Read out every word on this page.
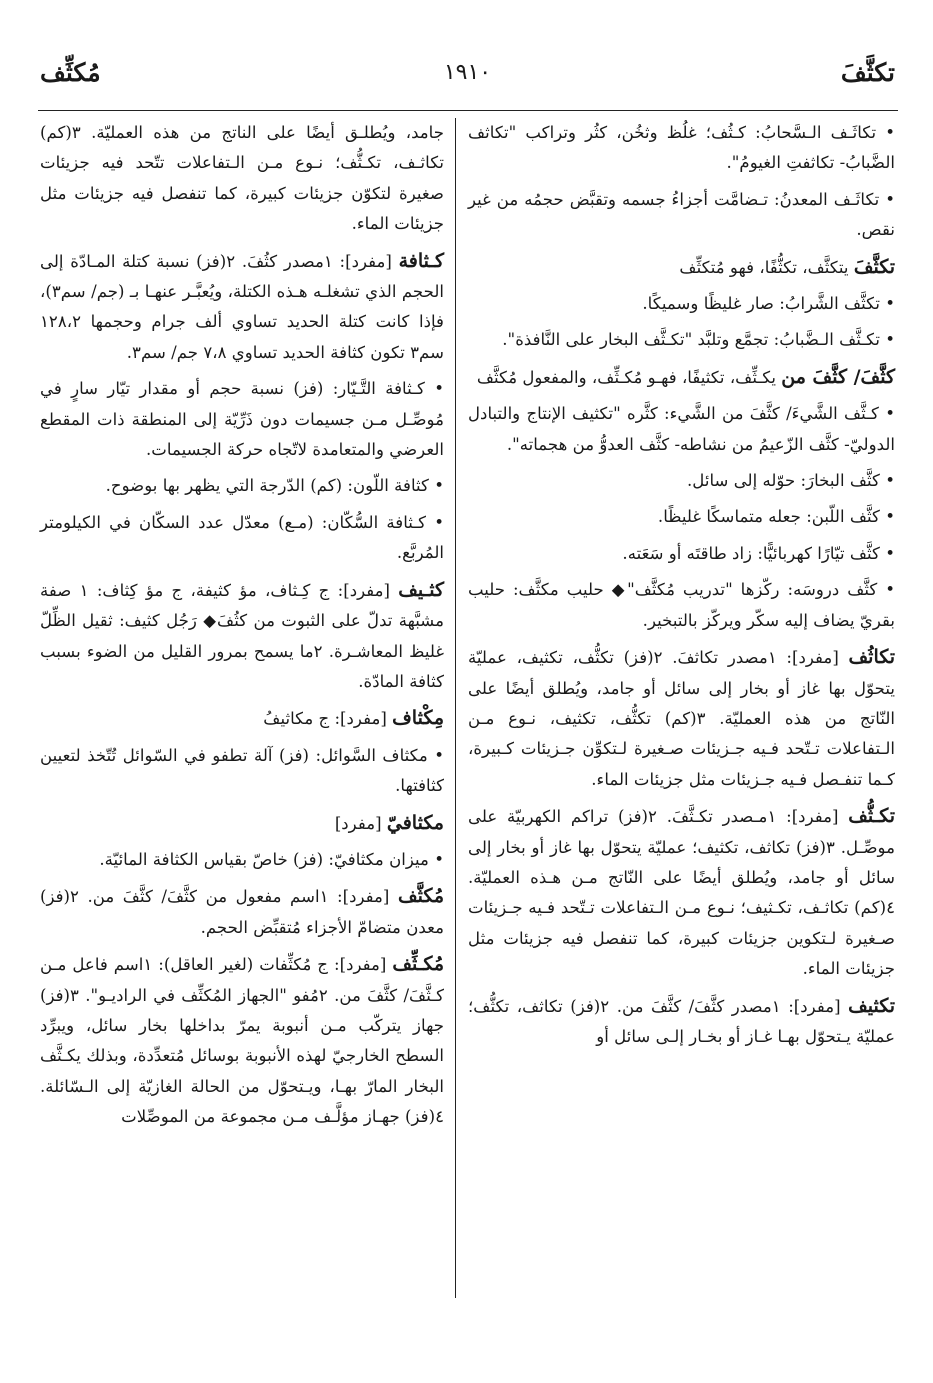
تكثَّفَ
١٩١٠
مُكثِّف

• تكاثَـف الـسَّحابُ: كـثُف؛ غلُظ وثخُن، كثُر وتراكب "تكاثف الضَّبابُ- تكاثفتِ الغيومُ".

• تكاثَـف المعدنُ: تـضامَّت أجزاءُ جسمه وتقبَّض حجمُه من غير نقص.

تكثَّفَ يتكثَّف، تكثُّفًا، فهو مُتكثِّف

• تكثَّف الشَّرابُ: صار غليظًا وسميكًا.

• تكـثَّف الـضَّبابُ: تجمَّع وتلبَّد "تكـثَّف البخار على النَّافذة".

كثَّفَ/ كثَّفَ من يكـثِّف، تكثيفًا، فهـو مُكـثِّف، والمفعول مُكثَّف

• كـثَّف الشَّيءَ/ كثَّفَ من الشَّيء: كثَّره "تكثيف الإنتاج والتبادل الدوليّ- كثَّف الزّعيمُ من نشاطه- كثَّف العدوُّ من هجماته".

• كثَّف البخارَ: حوّله إلى سائل.

• كثَّف اللّبن: جعله متماسكًا غليظًا.

• كثَّف تيّارًا كهربائيًّا: زاد طاقتَه أو سَعَته.

• كثَّف دروسَه: ركّزها "تدريب مُكثَّف"◆ حليب مكثَّف: حليب بقريّ يضاف إليه سكّر ويركّز بالتبخير.

تكاثُف [مفرد]: ١مصدر تكاثفَ. ٢(فز) تكثُّف، تكثيف، عمليّة يتحوّل بها غاز أو بخار إلى سائل أو جامد، ويُطلق أيضًا على النّاتج من هذه العمليّة. ٣(كم) تكثُّف، تكثيف، نـوع مـن الـتفاعلات تـتّحد فـيه جـزيئات صـغيرة لـتكوِّن جـزيئات كـبيرة، كـما تنفـصل فـيه جـزيئات مثل جزيئات الماء.

تكـثُّف [مفرد]: ١مـصدر تكـثَّفَ. ٢(فز) تراكم الكهربيّة على موصِّـل. ٣(فز) تكاثف، تكثيف؛ عمليّة يتحوّل بها غاز أو بخار إلى سائل أو جامد، ويُطلق أيضًا على النّاتج مـن هـذه العمليّة. ٤(كم) تكاثـف، تكـثيف؛ نـوع مـن الـتفاعلات تـتّحد فـيه جـزيئات صـغيرة لـتكوين جزيئات كبيرة، كما تنفصل فيه جزيئات مثل جزيئات الماء.

تكثيف [مفرد]: ١مصدر كثَّفَ/ كثَّفَ من. ٢(فز) تكاثف، تكثُّف؛ عمليّة يـتحوّل بهـا غـاز أو بخـار إلـى سائل أو

جامد، ويُطلـق أيضًا على الناتج من هذه العمليّة. ٣(كم) تكاثـف، تكـثُّف؛ نـوع مـن الـتفاعلات تتّحد فيه جزيئات صغيرة لتكوّن جزيئات كبيرة، كما تنفصل فيه جزيئات مثل جزيئات الماء.

كـثافة [مفرد]: ١مصدر كثُفَ. ٢(فز) نسبة كتلة المـادّة إلى الحجم الذي تشغلـه هـذه الكتلة، ويُعبَّـر عنهـا بـ (جم/ سم٣)، فإذا كانت كتلة الحديد تساوي ألف جرام وحجمها ١٢٨،٢ سم٣ تكون كثافة الحديد تساوي ٧،٨ جم/ سم٣.

• كـثافة التَّـيّار: (فز) نسبة حجم أو مقدار تيّار سارٍ في مُوصِّـل مـن جسيمات دون ذَرِّيّة إلى المنطقة ذات المقطع العرضي والمتعامدة لاتّجاه حركة الجسيمات.

• كثافة اللّون: (كم) الدّرجة التي يظهر بها بوضوح.

• كـثافة السُّكّان: (مـع) معدّل عدد السكّان في الكيلومتر المُربَّع.

كثـيف [مفرد]: ج كِـثاف، مؤ كثيفة، ج مؤ كِثاف: ١ صفة مشبَّهة تدلّ على الثبوت من كثُفَ◆ رَجُل كثيف: ثقيل الظِّلّ غليظ المعاشـرة. ٢ما يسمح بمرور القليل من الضوء بسبب كثافة المادّة.

مِكْثاف [مفرد]: ج مكاثيفُ

• مكثاف السَّوائل: (فز) آلة تطفو في السّوائل تُتّخذ لتعيين كثافتها.

مكثافيّ [مفرد]

• ميزان مكثافيّ: (فز) خاصّ بقياس الكثافة المائيّة.

مُكثَّف [مفرد]: ١اسم مفعول من كثَّفَ/ كثَّفَ من. ٢(فز) معدن متضامّ الأجزاء مُتقبِّض الحجم.

مُكـثِّف [مفرد]: ج مُكثِّفات (لغير العاقل): ١اسم فاعل مـن كـثَّفَ/ كثَّفَ من. ٢مُفو "الجهاز المُكثِّف في الراديـو". ٣(فز) جهاز يتركّب مـن أنبوبة يمرّ بداخلها بخار سائل، ويبرِّد السطح الخارجيّ لهذه الأنبوبة بوسائل مُتعدِّدة، وبذلك يكـثَّف البخار المارّ بهـا، ويـتحوّل من الحالة الغازيّة إلى الـسّائلة. ٤(فز) جهـاز مؤلَّـف مـن مجموعة من الموصِّلات
